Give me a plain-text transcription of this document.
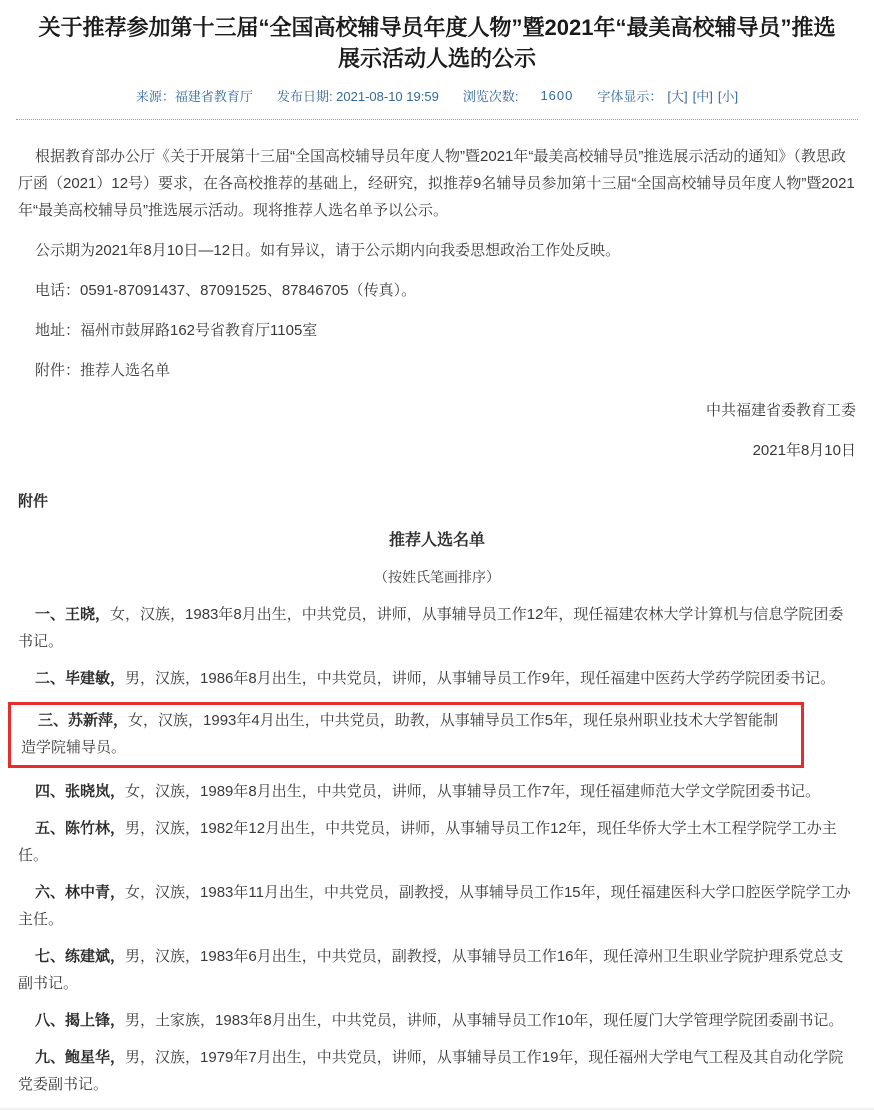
关于推荐参加第十三届“全国高校辅导员年度人物”暨2021年“最美高校辅导员”推选展示活动人选的公示
来源：福建省教育厅 发布日期: 2021-08-10 19:59 浏览次数: 1600 字体显示： [大] [中] [小]

根据教育部办公厅《关于开展第十三届“全国高校辅导员年度人物”暨2021年“最美高校辅导员”推选展示活动的通知》（教思政厅函（2021）12号）要求，在各高校推荐的基础上，经研究，拟推荐9名辅导员参加第十三届“全国高校辅导员年度人物”暨2021年“最美高校辅导员”推选展示活动。现将推荐人选名单予以公示。

公示期为2021年8月10日—12日。如有异议，请于公示期内向我委思想政治工作处反映。

电话：0591-87091437、87091525、87846705（传真）。

地址：福州市鼓屏路162号省教育厅1105室

附件：推荐人选名单

中共福建省委教育工委

2021年8月10日

附件

推荐人选名单

（按姓氏笔画排序）

一、王晓，女，汉族，1983年8月出生，中共党员，讲师，从事辅导员工作12年，现任福建农林大学计算机与信息学院团委书记。

二、毕建敏，男，汉族，1986年8月出生，中共党员，讲师，从事辅导员工作9年，现任福建中医药大学药学院团委书记。

三、苏新萍，女，汉族，1993年4月出生，中共党员，助教，从事辅导员工作5年，现任泉州职业技术大学智能制造学院辅导员。

四、张晓岚，女，汉族，1989年8月出生，中共党员，讲师，从事辅导员工作7年，现任福建师范大学文学院团委书记。

五、陈竹林，男，汉族，1982年12月出生，中共党员，讲师，从事辅导员工作12年，现任华侨大学土木工程学院学工办主任。

六、林中青，女，汉族，1983年11月出生，中共党员，副教授，从事辅导员工作15年，现任福建医科大学口腔医学院学工办主任。

七、练建斌，男，汉族，1983年6月出生，中共党员，副教授，从事辅导员工作16年，现任漳州卫生职业学院护理系党总支副书记。

八、揭上锋，男，土家族，1983年8月出生，中共党员，讲师，从事辅导员工作10年，现任厦门大学管理学院团委副书记。

九、鲍星华，男，汉族，1979年7月出生，中共党员，讲师，从事辅导员工作19年，现任福州大学电气工程及其自动化学院党委副书记。
